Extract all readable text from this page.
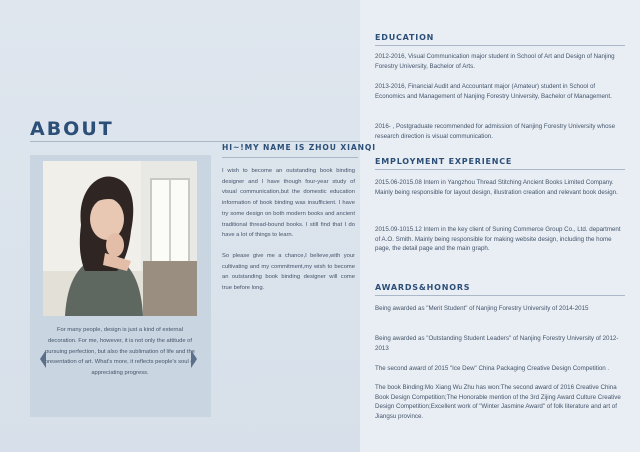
ABOUT
For many people, design is just a kind of external decoration. For me, however, it is not only the attitude of pursuing perfection, but also the sublimation of life and the presentation of art. What's more, it reflects people's soul of appreciating progress.
HI~!MY NAME IS ZHOU XIANQI

I wish to become an outstanding book binding designer and I have though four-year study of visual communication,but the domestic education information of book binding was insufficient. I have try some design on both modern books and ancient traditional thread-bound books. I still find that I do have a lot of things to learn.

So please give me a chance,I believe,with your cultivating and my commitment,my wish to become an outstanding book binding designer will come true before long.

EDUCATION
2012-2016, Visual Communication major student in School of Art and Design of Nanjing Forestry University, Bachelor of Arts.
2013-2016, Financial Audit and Accountant major (Amateur) student in School of Economics and Management of Nanjing Forestry University, Bachelor of Management.
2016- , Postgraduate recommended for admission of Nanjing Forestry University whose research direction is visual communication.
EMPLOYMENT EXPERIENCE
2015.06-2015.08 Intern in Yangzhou Thread Stitching Ancient Books Limited Company. Mainly being responsible for layout design, illustration creation and relevant book design.
2015.09-1015.12 Intern in the key client of Suning Commerce Group Co., Ltd. department of A.O. Smith. Mainly being responsible for making website design, including the home page, the detail page and the main graph.
AWARDS&HONORS
Being awarded as "Merit Student" of Nanjing Forestry University of 2014-2015
Being awarded as "Outstanding Student Leaders" of Nanjing Forestry University of 2012-2013
The second award of 2015 "Ice Dew" China Packaging Creative Design Competition .
The book Binding:Mo Xiang Wu Zhu has won:The second award of 2016 Creative China Book Design Competition;The Honorable mention of the 3rd Zijing Award Culture Creative Design Competition;Excellent work of "Winter Jasmine Award" of folk literature and art of Jiangsu province.
